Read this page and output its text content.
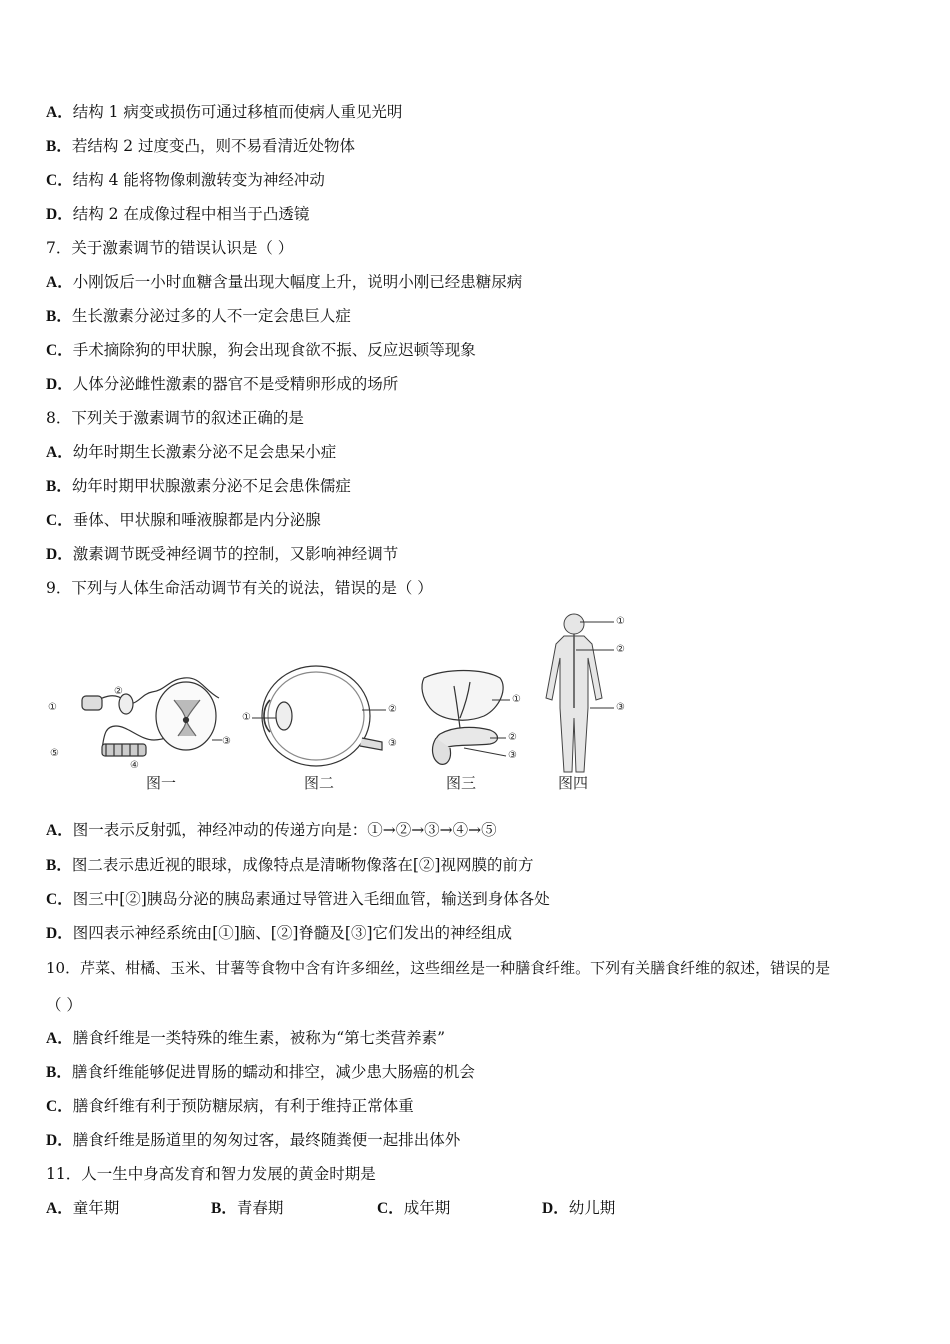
A．结构 1 病变或损伤可通过移植而使病人重见光明
B．若结构 2 过度变凸，则不易看清近处物体
C．结构 4 能将物像刺激转变为神经冲动
D．结构 2 在成像过程中相当于凸透镜
7．关于激素调节的错误认识是（ ）
A．小刚饭后一小时血糖含量出现大幅度上升，说明小刚已经患糖尿病
B．生长激素分泌过多的人不一定会患巨人症
C．手术摘除狗的甲状腺，狗会出现食欲不振、反应迟顿等现象
D．人体分泌雌性激素的器官不是受精卵形成的场所
8．下列关于激素调节的叙述正确的是
A．幼年时期生长激素分泌不足会患呆小症
B．幼年时期甲状腺激素分泌不足会患侏儒症
C．垂体、甲状腺和唾液腺都是内分泌腺
D．激素调节既受神经调节的控制，又影响神经调节
9．下列与人体生命活动调节有关的说法，错误的是（ ）
①
②
③
④
⑤
图一
①
②
③
图二
①
②
③
图三
①
②
③
图四
A．图一表示反射弧，神经冲动的传递方向是：①→②→③→④→⑤
B．图二表示患近视的眼球，成像特点是清晰物像落在[②]视网膜的前方
C．图三中[②]胰岛分泌的胰岛素通过导管进入毛细血管，输送到身体各处
D．图四表示神经系统由[①]脑、[②]脊髓及[③]它们发出的神经组成
10．芹菜、柑橘、玉米、甘薯等食物中含有许多细丝，这些细丝是一种膳食纤维。下列有关膳食纤维的叙述，错误的是
（ ）
A．膳食纤维是一类特殊的维生素，被称为“第七类营养素”
B．膳食纤维能够促进胃肠的蠕动和排空，减少患大肠癌的机会
C．膳食纤维有利于预防糖尿病，有利于维持正常体重
D．膳食纤维是肠道里的匆匆过客，最终随粪便一起排出体外
11．人一生中身高发育和智力发展的黄金时期是
A．童年期	B．青春期	C．成年期	D．幼儿期
